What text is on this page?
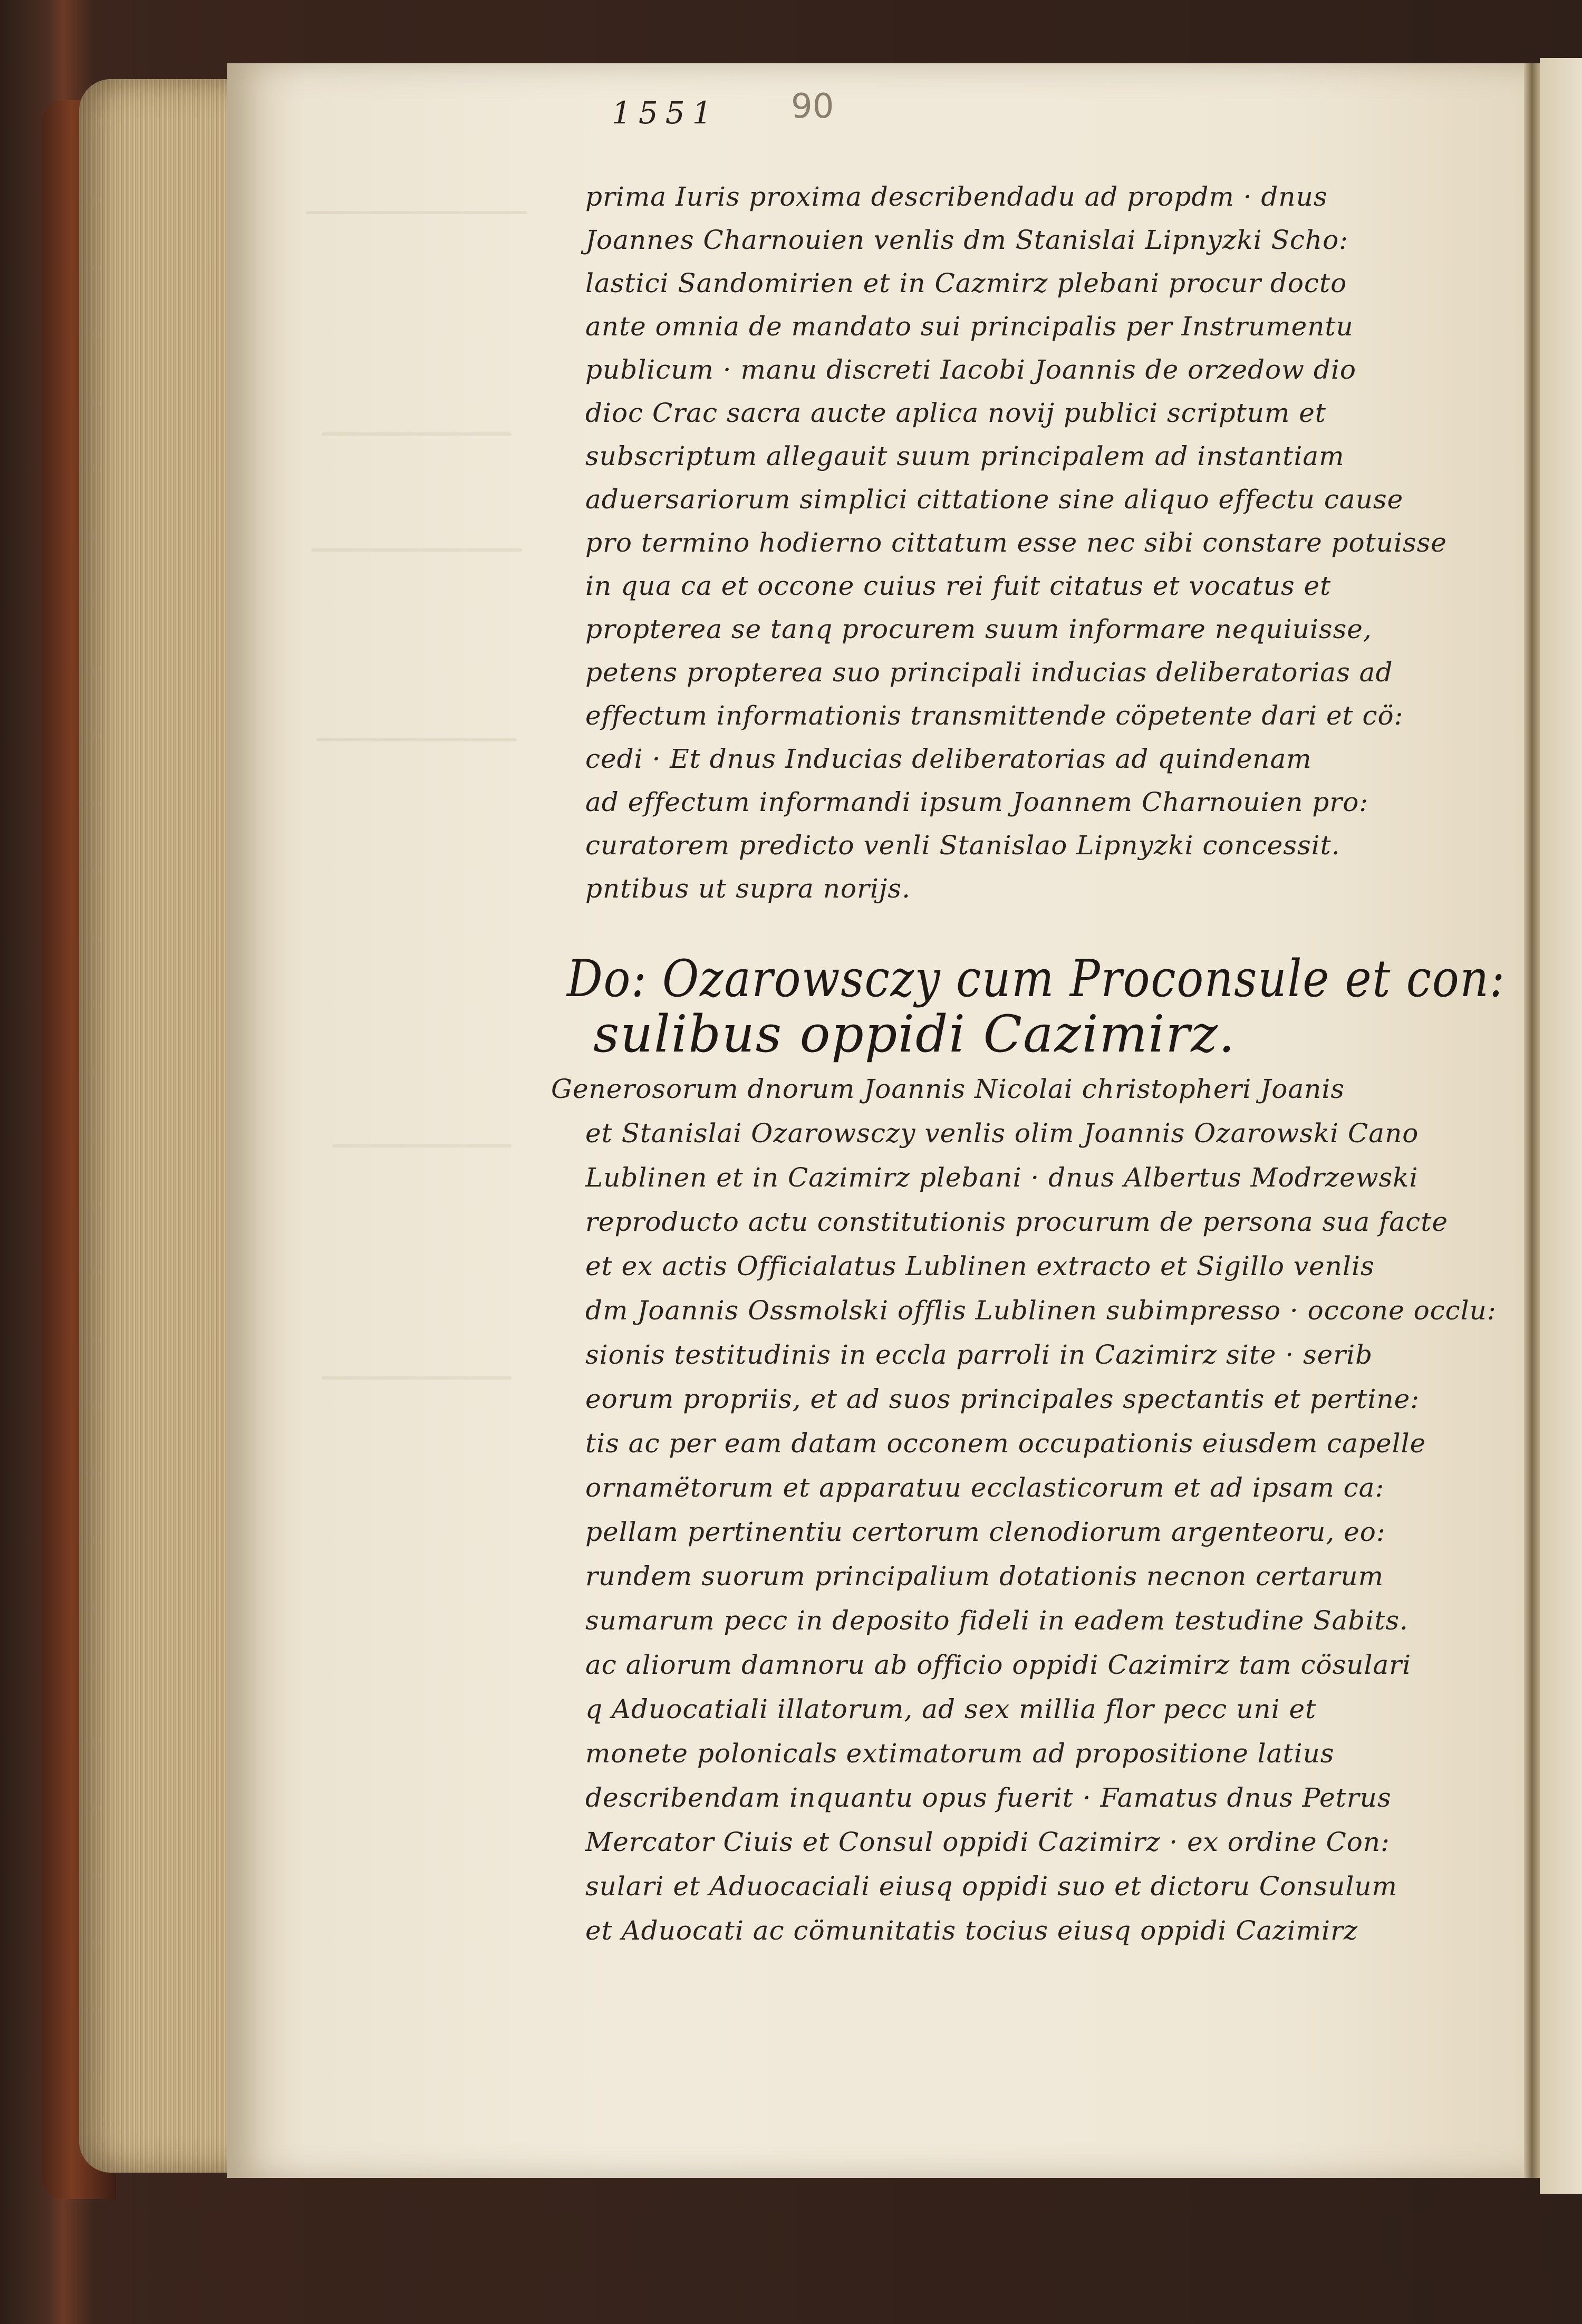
1551 90
prima Iuris proxima describendadu ad propdm · dnus
Joannes Charnouien venlis dm Stanislai Lipnyzki Scho:
lastici Sandomirien et in Cazmirz plebani procur docto
ante omnia de mandato sui principalis per Instrumentu
publicum · manu discreti Iacobi Joannis de orzedow dio
dioc Crac sacra aucte aplica novij publici scriptum et
subscriptum allegauit suum principalem ad instantiam
aduersariorum simplici cittatione sine aliquo effectu cause
pro termino hodierno cittatum esse nec sibi constare potuisse
in qua ca et occone cuius rei fuit citatus et vocatus et
propterea se tanq procurem suum informare nequiuisse,
petens propterea suo principali inducias deliberatorias ad
effectum informationis transmittende cöpetente dari et cö:
cedi · Et dnus Inducias deliberatorias ad quindenam
ad effectum informandi ipsum Joannem Charnouien pro:
curatorem predicto venli Stanislao Lipnyzki concessit.
pntibus ut supra norijs.
Do: Ozarowsczy cum Proconsule et con:
sulibus oppidi Cazimirz.
Generosorum dnorum Joannis Nicolai christopheri Joanis
et Stanislai Ozarowsczy venlis olim Joannis Ozarowski Cano
Lublinen et in Cazimirz plebani · dnus Albertus Modrzewski
reproducto actu constitutionis procurum de persona sua facte
et ex actis Officialatus Lublinen extracto et Sigillo venlis
dm Joannis Ossmolski offlis Lublinen subimpresso · occone occlu:
sionis testitudinis in eccla parroli in Cazimirz site · serib
eorum propriis, et ad suos principales spectantis et pertine:
tis ac per eam datam occonem occupationis eiusdem capelle
ornamëtorum et apparatuu ecclasticorum et ad ipsam ca:
pellam pertinentiu certorum clenodiorum argenteoru, eo:
rundem suorum principalium dotationis necnon certarum
sumarum pecc in deposito fideli in eadem testudine Sabits.
ac aliorum damnoru ab officio oppidi Cazimirz tam cösulari
q Aduocatiali illatorum, ad sex millia flor pecc uni et
monete polonicals extimatorum ad propositione latius
describendam inquantu opus fuerit · Famatus dnus Petrus
Mercator Ciuis et Consul oppidi Cazimirz · ex ordine Con:
sulari et Aduocaciali eiusq oppidi suo et dictoru Consulum
et Aduocati ac cömunitatis tocius eiusq oppidi Cazimirz
